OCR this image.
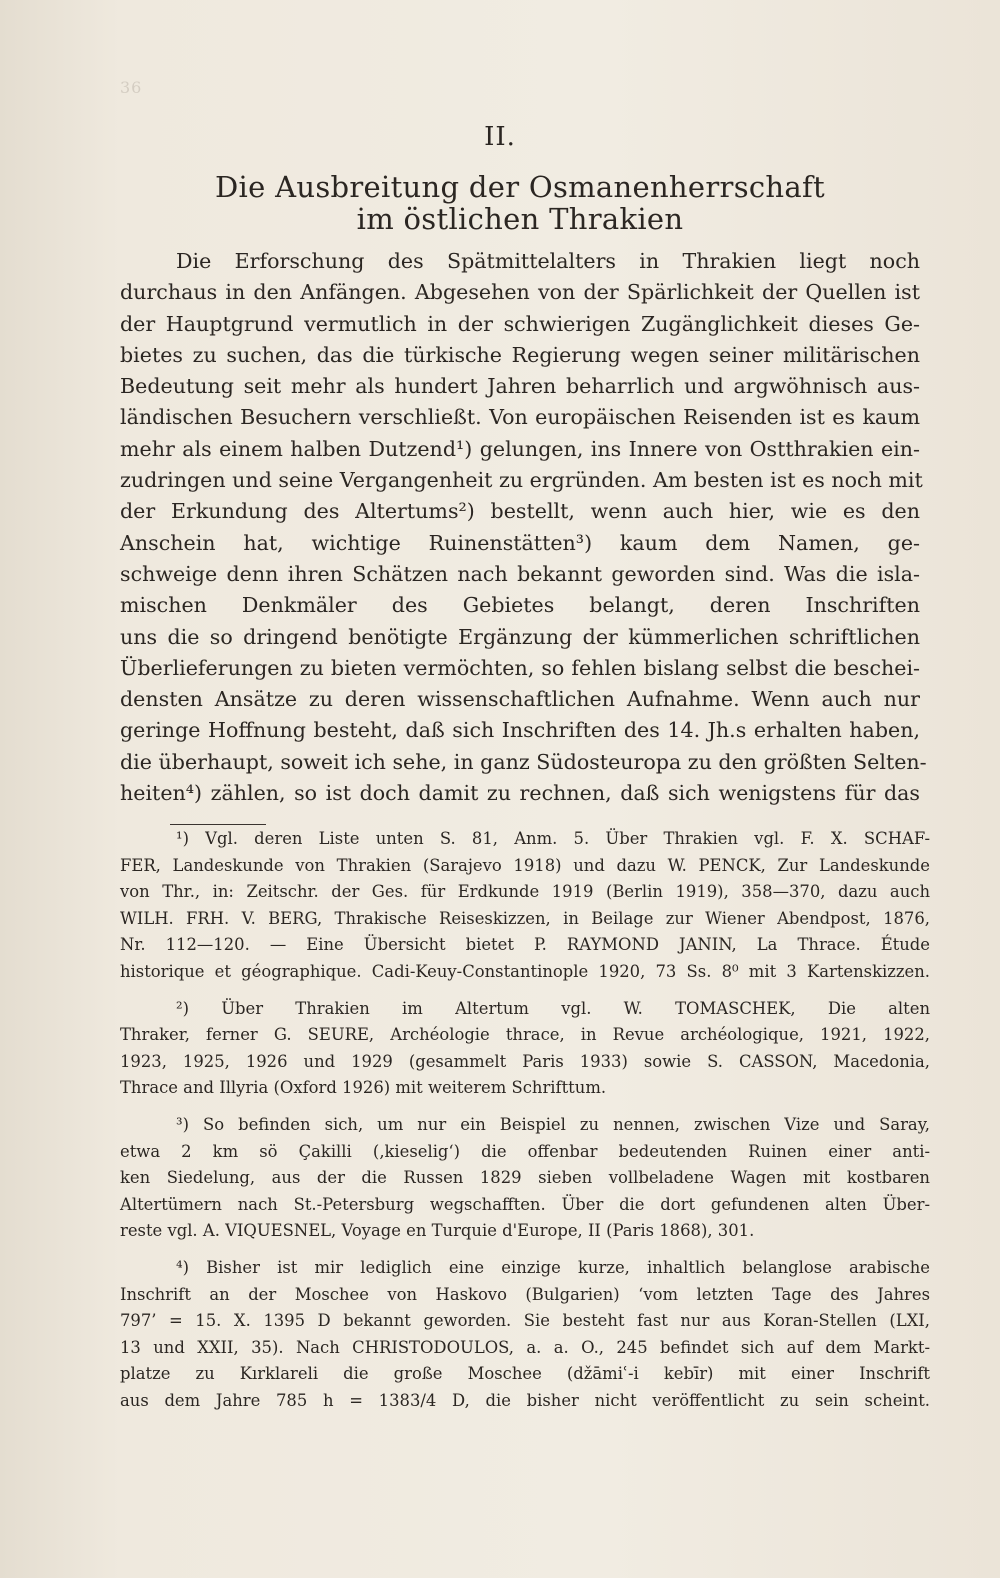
36
II.
Die Ausbreitung der Osmanenherrschaft
im östlichen Thrakien
Die Erforschung des Spätmittelalters in Thrakien liegt noch
durchaus in den Anfängen. Abgesehen von der Spärlichkeit der Quellen ist
der Hauptgrund vermutlich in der schwierigen Zugänglichkeit dieses Ge-
bietes zu suchen, das die türkische Regierung wegen seiner militärischen
Bedeutung seit mehr als hundert Jahren beharrlich und argwöhnisch aus-
ländischen Besuchern verschließt. Von europäischen Reisenden ist es kaum
mehr als einem halben Dutzend¹) gelungen, ins Innere von Ostthrakien ein-
zudringen und seine Vergangenheit zu ergründen. Am besten ist es noch mit
der Erkundung des Altertums²) bestellt, wenn auch hier, wie es den
Anschein hat, wichtige Ruinenstätten³) kaum dem Namen, ge-
schweige denn ihren Schätzen nach bekannt geworden sind. Was die isla-
mischen Denkmäler des Gebietes belangt, deren Inschriften
uns die so dringend benötigte Ergänzung der kümmerlichen schriftlichen
Überlieferungen zu bieten vermöchten, so fehlen bislang selbst die beschei-
densten Ansätze zu deren wissenschaftlichen Aufnahme. Wenn auch nur
geringe Hoffnung besteht, daß sich Inschriften des 14. Jh.s erhalten haben,
die überhaupt, soweit ich sehe, in ganz Südosteuropa zu den größten Selten-
heiten⁴) zählen, so ist doch damit zu rechnen, daß sich wenigstens für das
¹) Vgl. deren Liste unten S. 81, Anm. 5. Über Thrakien vgl. F. X. SCHAF-
FER, Landeskunde von Thrakien (Sarajevo 1918) und dazu W. PENCK, Zur Landeskunde
von Thr., in: Zeitschr. der Ges. für Erdkunde 1919 (Berlin 1919), 358—370, dazu auch
WILH. FRH. V. BERG, Thrakische Reiseskizzen, in Beilage zur Wiener Abendpost, 1876,
Nr. 112—120. — Eine Übersicht bietet P. RAYMOND JANIN, La Thrace. Étude
historique et géographique. Cadi-Keuy-Constantinople 1920, 73 Ss. 8⁰ mit 3 Kartenskizzen.
²) Über Thrakien im Altertum vgl. W. TOMASCHEK, Die alten
Thraker, ferner G. SEURE, Archéologie thrace, in Revue archéologique, 1921, 1922,
1923, 1925, 1926 und 1929 (gesammelt Paris 1933) sowie S. CASSON, Macedonia,
Thrace and Illyria (Oxford 1926) mit weiterem Schrifttum.
³) So befinden sich, um nur ein Beispiel zu nennen, zwischen Vize und Saray,
etwa 2 km sö Çakilli (‚kieselig‘) die offenbar bedeutenden Ruinen einer anti-
ken Siedelung, aus der die Russen 1829 sieben vollbeladene Wagen mit kostbaren
Altertümern nach St.-Petersburg wegschafften. Über die dort gefundenen alten Über-
reste vgl. A. VIQUESNEL, Voyage en Turquie d'Europe, II (Paris 1868), 301.
⁴) Bisher ist mir lediglich eine einzige kurze, inhaltlich belanglose arabische
Inschrift an der Moschee von Haskovo (Bulgarien) ‘vom letzten Tage des Jahres
797’ = 15. X. 1395 D bekannt geworden. Sie besteht fast nur aus Koran-Stellen (LXI,
13 und XXII, 35). Nach CHRISTODOULOS, a. a. O., 245 befindet sich auf dem Markt-
platze zu Kırklareli die große Moschee (džāmiʿ-i kebīr) mit einer Inschrift
aus dem Jahre 785 h = 1383/4 D, die bisher nicht veröffentlicht zu sein scheint.
